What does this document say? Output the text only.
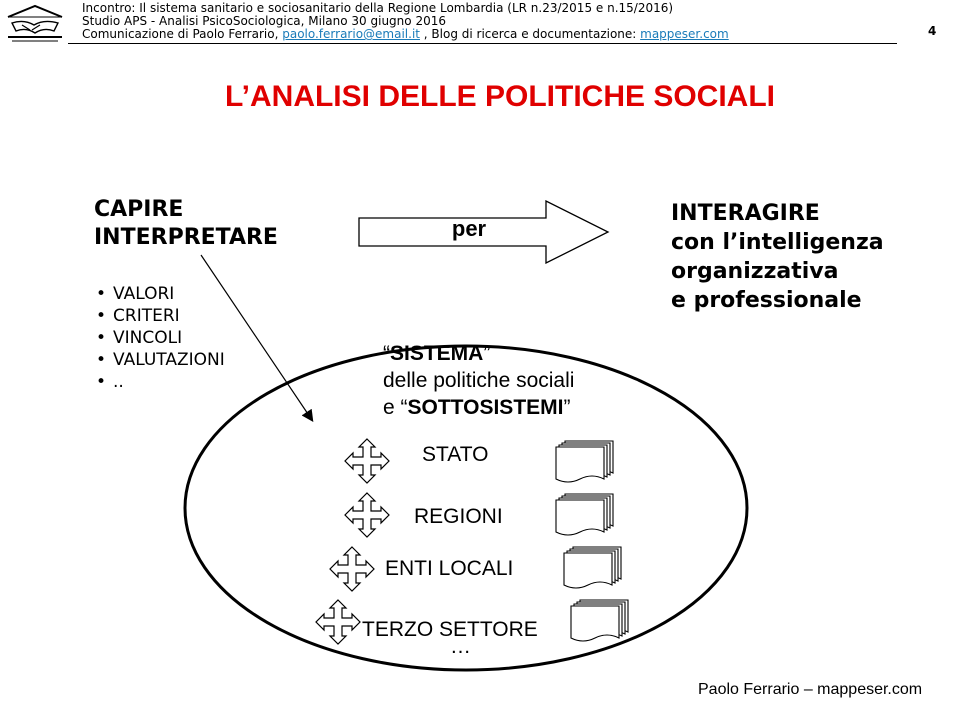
Incontro: Il sistema sanitario e sociosanitario della Regione Lombardia (LR n.23/2015 e n.15/2016)
Studio APS - Analisi PsicoSociologica, Milano 30 giugno 2016
Comunicazione di Paolo Ferrario, paolo.ferrario@email.it , Blog di ricerca e documentazione: mappeser.com	4
L’ANALISI DELLE POLITICHE SOCIALI
CAPIRE
INTERPRETARE
• VALORI
• CRITERI
• VINCOLI
• VALUTAZIONI
• ..
per
INTERAGIRE
con l’intelligenza
organizzativa
e professionale
“SISTEMA”
delle politiche sociali
e “SOTTOSISTEMI”
STATO
REGIONI
ENTI LOCALI
TERZO SETTORE
…
Paolo Ferrario – mappeser.com
